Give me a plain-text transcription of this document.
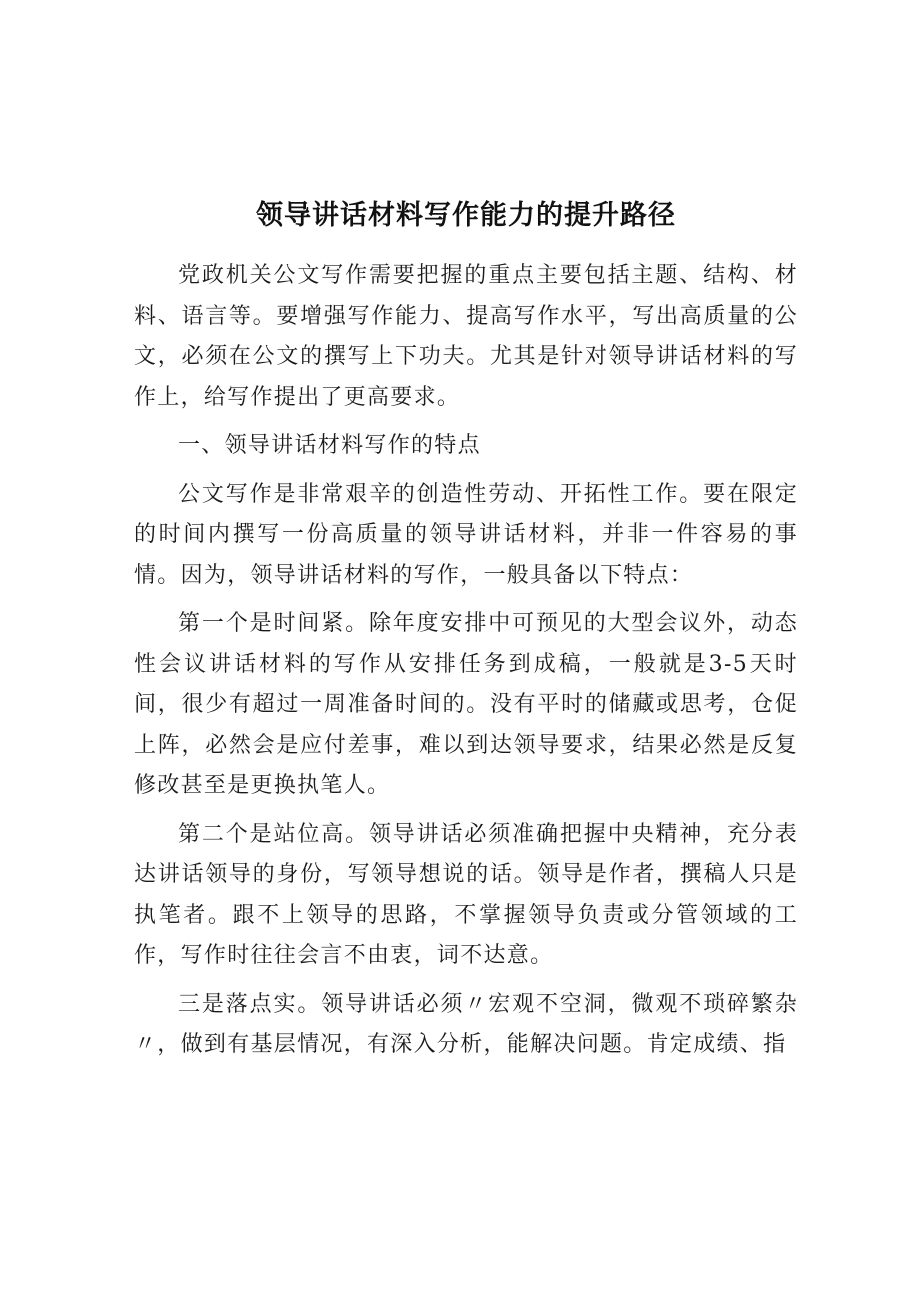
领导讲话材料写作能力的提升路径

党政机关公文写作需要把握的重点主要包括主题、结构、材料、语言等。要增强写作能力、提高写作水平，写出高质量的公文，必须在公文的撰写上下功夫。尤其是针对领导讲话材料的写作上，给写作提出了更高要求。

一、领导讲话材料写作的特点

公文写作是非常艰辛的创造性劳动、开拓性工作。要在限定的时间内撰写一份高质量的领导讲话材料，并非一件容易的事情。因为，领导讲话材料的写作，一般具备以下特点：

第一个是时间紧。除年度安排中可预见的大型会议外，动态性会议讲话材料的写作从安排任务到成稿，一般就是3-5天时间，很少有超过一周准备时间的。没有平时的储藏或思考，仓促上阵，必然会是应付差事，难以到达领导要求，结果必然是反复修改甚至是更换执笔人。

第二个是站位高。领导讲话必须准确把握中央精神，充分表达讲话领导的身份，写领导想说的话。领导是作者，撰稿人只是执笔者。跟不上领导的思路，不掌握领导负责或分管领域的工作，写作时往往会言不由衷，词不达意。

三是落点实。领导讲话必须〃宏观不空洞，微观不琐碎繁杂〃，做到有基层情况，有深入分析，能解决问题。肯定成绩、指
